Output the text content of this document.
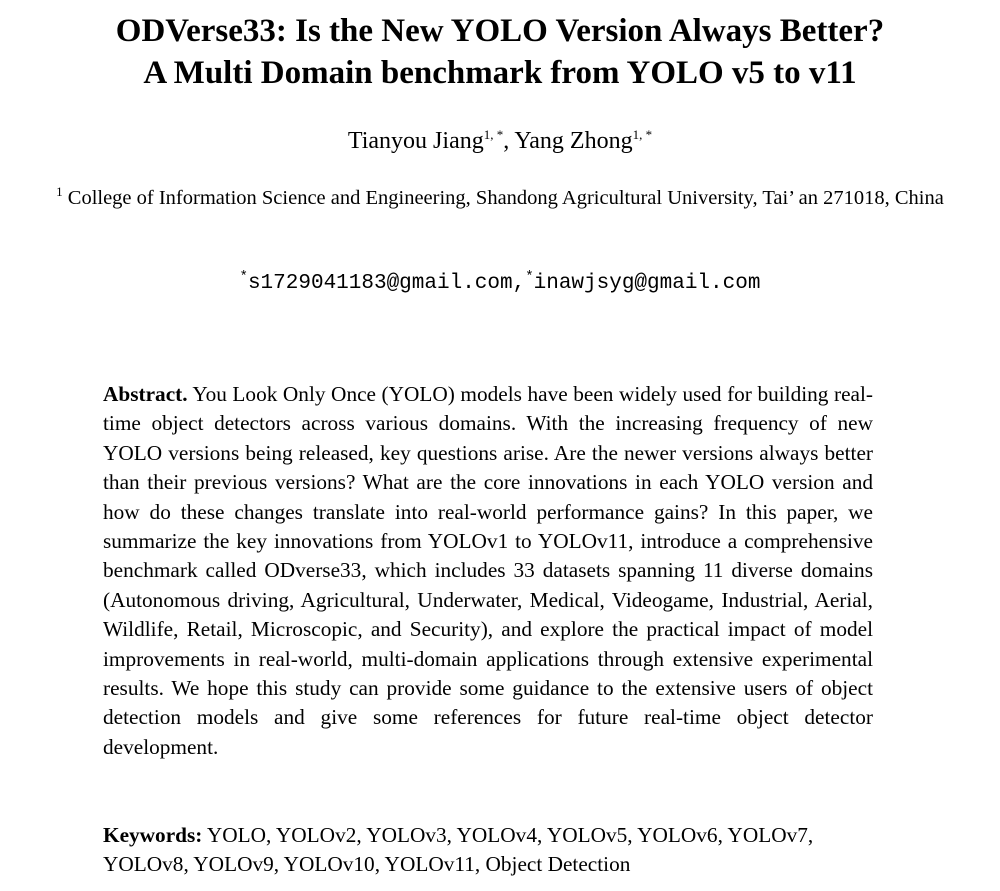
ODVerse33: Is the New YOLO Version Always Better?
A Multi Domain benchmark from YOLO v5 to v11

Tianyou Jiang$^{1, *}$, Yang Zhong$^{1, *}$

$^1$ College of Information Science and Engineering, Shandong Agricultural University, Tai’ an 271018, China

*s1729041183@gmail.com,*inawjsyg@gmail.com

Abstract. You Look Only Once (YOLO) models have been widely used for building real-time object detectors across various domains. With the increasing frequency of new YOLO versions being released, key questions arise. Are the newer versions always better than their previous versions? What are the core innovations in each YOLO version and how do these changes translate into real-world performance gains? In this paper, we summarize the key innovations from YOLOv1 to YOLOv11, introduce a comprehensive benchmark called ODverse33, which includes 33 datasets spanning 11 diverse domains (Autonomous driving, Agricultural, Underwater, Medical, Videogame, Industrial, Aerial, Wildlife, Retail, Microscopic, and Security), and explore the practical impact of model improvements in real-world, multi-domain applications through extensive experimental results. We hope this study can provide some guidance to the extensive users of object detection models and give some references for future real-time object detector development.

Keywords: YOLO, YOLOv2, YOLOv3, YOLOv4, YOLOv5, YOLOv6, YOLOv7, YOLOv8, YOLOv9, YOLOv10, YOLOv11, Object Detection
